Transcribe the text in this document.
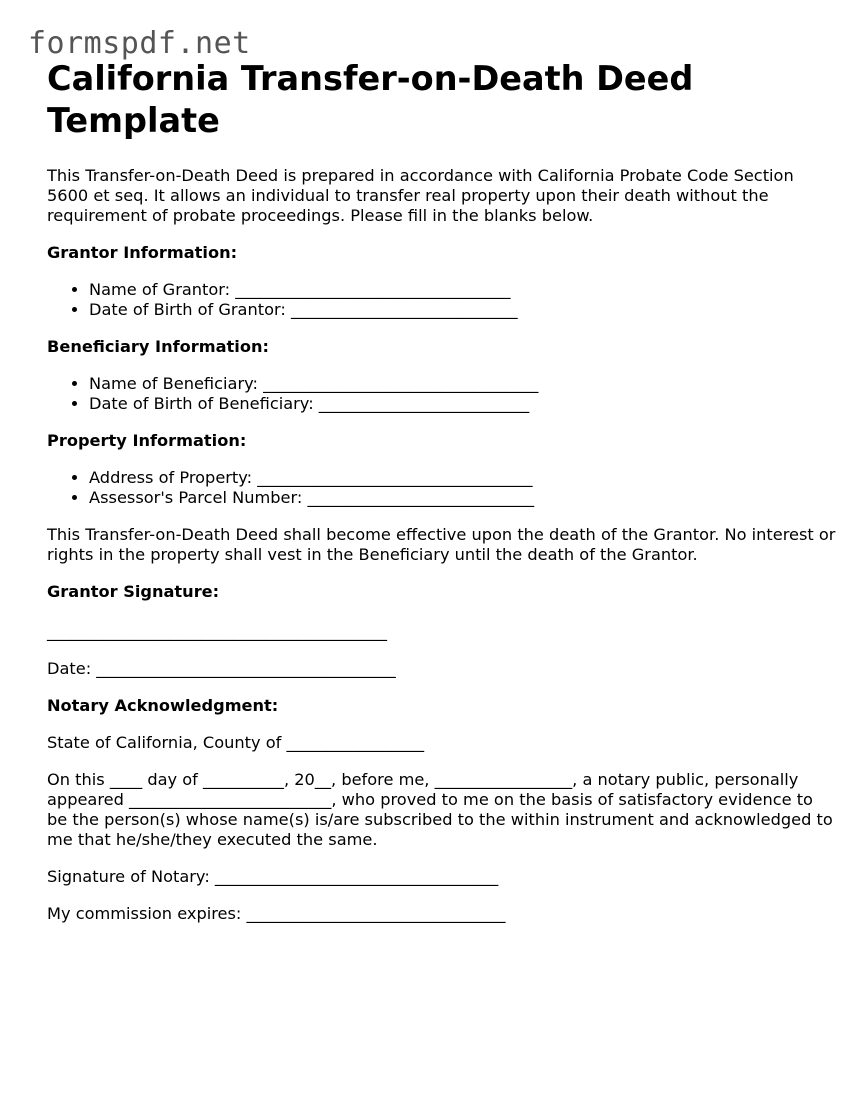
formspdf.net
California Transfer-on-Death Deed Template

This Transfer-on-Death Deed is prepared in accordance with California Probate Code Section 5600 et seq. It allows an individual to transfer real property upon their death without the requirement of probate proceedings. Please fill in the blanks below.

Grantor Information:
• Name of Grantor: __________________________________
• Date of Birth of Grantor: ____________________________
Beneficiary Information:
• Name of Beneficiary: __________________________________
• Date of Birth of Beneficiary: __________________________
Property Information:
• Address of Property: __________________________________
• Assessor's Parcel Number: ____________________________

This Transfer-on-Death Deed shall become effective upon the death of the Grantor. No interest or rights in the property shall vest in the Beneficiary until the death of the Grantor.

Grantor Signature:
__________________________________________
Date: _____________________________________
Notary Acknowledgment:

State of California, County of _________________

On this ____ day of __________, 20__, before me, _________________, a notary public, personally appeared _________________________, who proved to me on the basis of satisfactory evidence to be the person(s) whose name(s) is/are subscribed to the within instrument and acknowledged to me that he/she/they executed the same.

Signature of Notary: ___________________________________

My commission expires: ________________________________
